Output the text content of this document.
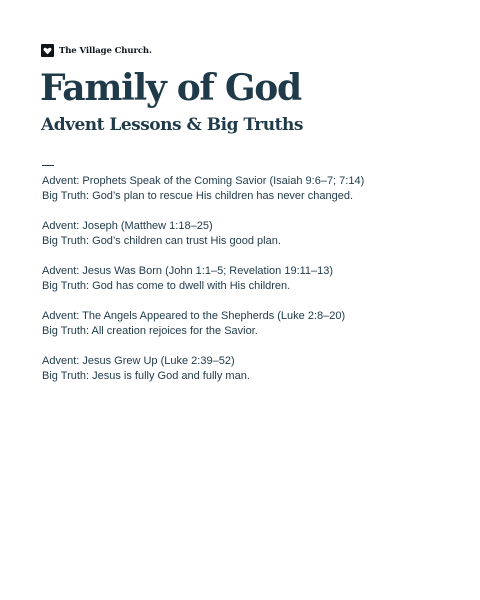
The Village Church.
Family of God
Advent Lessons & Big Truths
Advent: Prophets Speak of the Coming Savior (Isaiah 9:6–7; 7:14)
Big Truth: God’s plan to rescue His children has never changed.
Advent: Joseph (Matthew 1:18–25)
Big Truth: God’s children can trust His good plan.
Advent: Jesus Was Born (John 1:1–5; Revelation 19:11–13)
Big Truth: God has come to dwell with His children.
Advent: The Angels Appeared to the Shepherds (Luke 2:8–20)
Big Truth: All creation rejoices for the Savior.
Advent: Jesus Grew Up (Luke 2:39–52)
Big Truth: Jesus is fully God and fully man.
